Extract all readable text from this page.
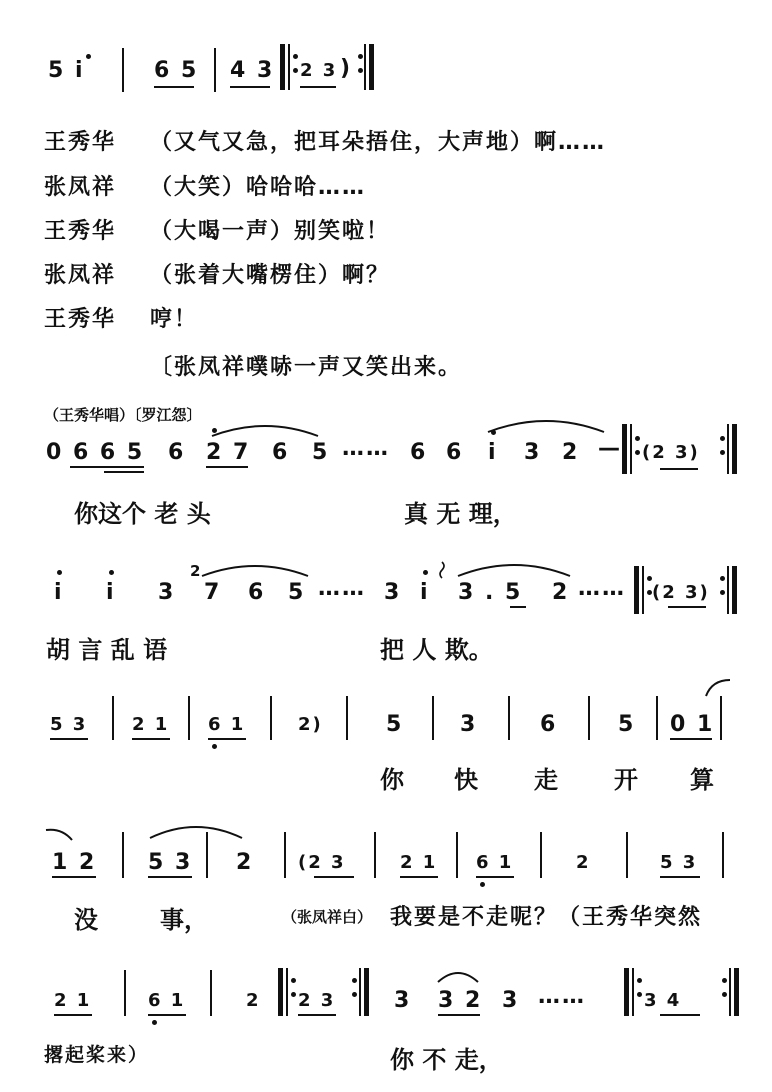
5 i	6 5 4 3 2 3 )
王秀华 （又气又急，把耳朵捂住，大声地）啊……
张凤祥 （大笑）哈哈哈……
王秀华 （大喝一声）别笑啦！
张凤祥 （张着大嘴楞住）啊？
王秀华 哼！
〔张凤祥噗哧一声又笑出来。
（王秀华唱）〔罗江怨〕
0 6 6 5 6 2 7 6 5 …… 6 6 i 3 2 — (2 3)
你这个 老 头	真 无 理，
i i 3
2
7 6 5 …… 3 i 3 . 5 2 …… (2 3)
胡 言 乱 语	把 人 欺。
5 3 2 1 6 1	2)	5	3	6	5 0 1
你 快 走 开 算
1 2 5 3 2 (2 3	2 1 6 1	2	5 3
没	事，	（张凤祥白） 我要是不走呢？（王秀华突然
2 1	6 1	2 2 3	3 3 2 3 ……	3 4
撂起桨来）	你 不 走，
